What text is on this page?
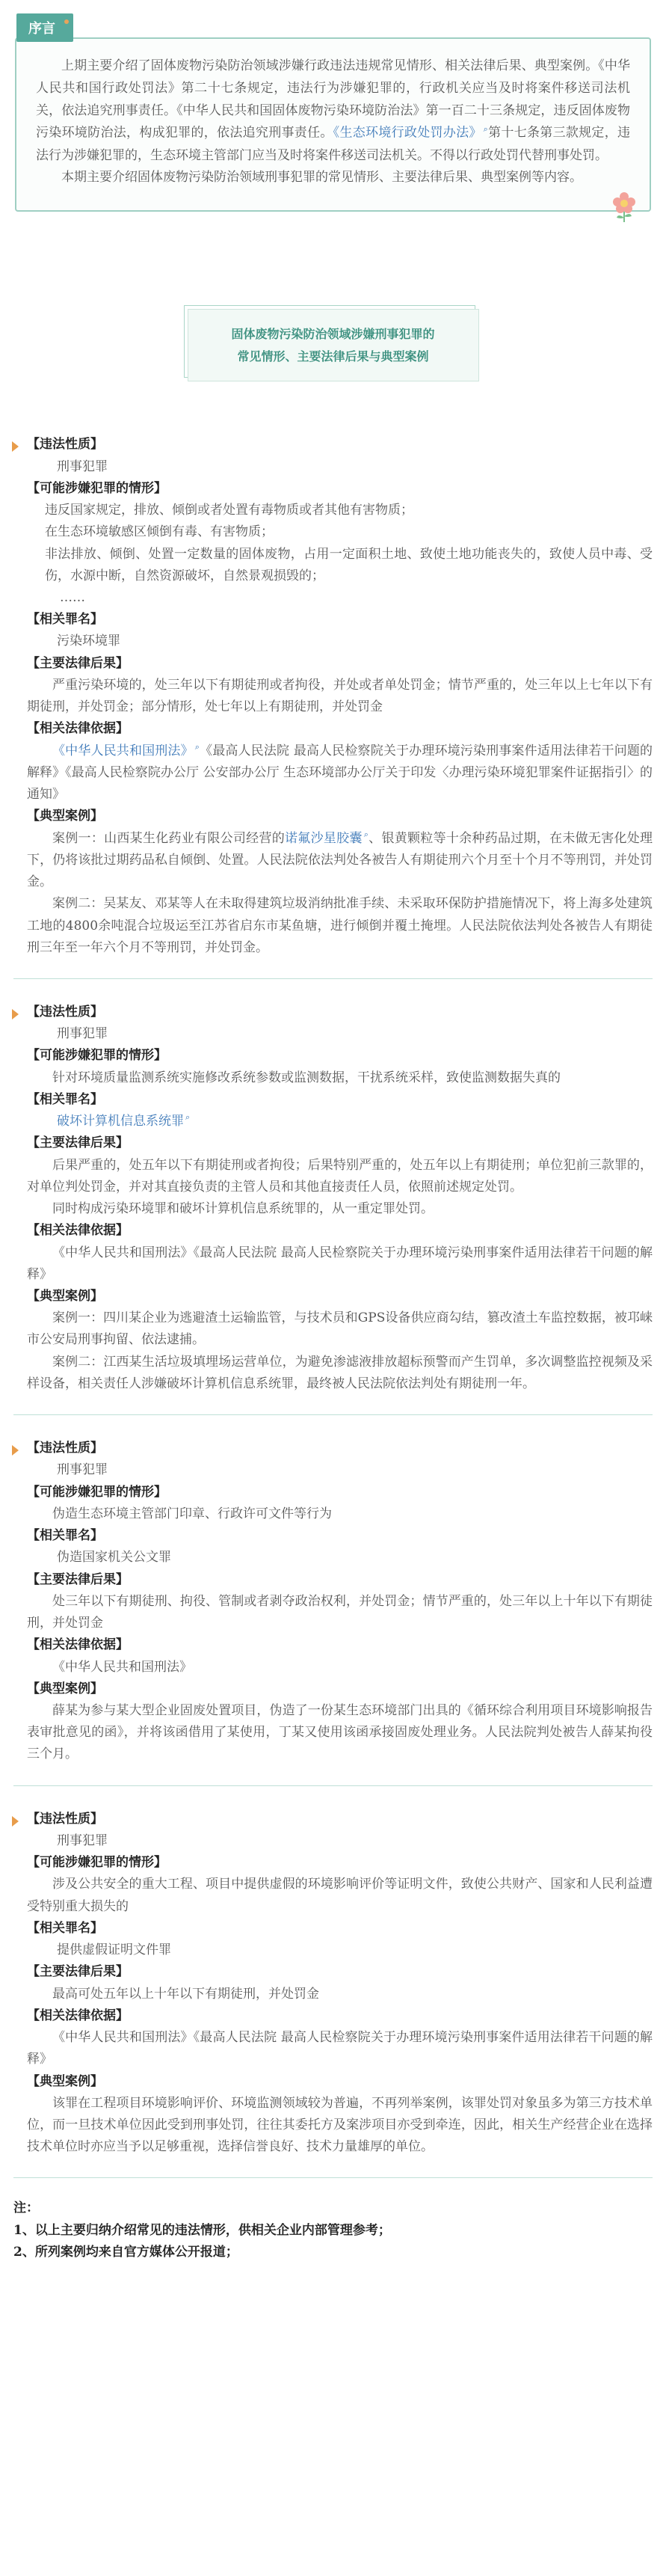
序言

上期主要介绍了固体废物污染防治领域涉嫌行政违法违规常见情形、相关法律后果、典型案例。《中华人民共和国行政处罚法》第二十七条规定，违法行为涉嫌犯罪的，行政机关应当及时将案件移送司法机关，依法追究刑事责任。《中华人民共和国固体废物污染环境防治法》第一百二十三条规定，违反固体废物污染环境防治法，构成犯罪的，依法追究刑事责任。《生态环境行政处罚办法》 ⌕第十七条第三款规定，违法行为涉嫌犯罪的，生态环境主管部门应当及时将案件移送司法机关。不得以行政处罚代替刑事处罚。

本期主要介绍固体废物污染防治领域刑事犯罪的常见情形、主要法律后果、典型案例等内容。

固体废物污染防治领域涉嫌刑事犯罪的
常见情形、主要法律后果与典型案例
【违法性质】
刑事犯罪
【可能涉嫌犯罪的情形】
违反国家规定，排放、倾倒或者处置有毒物质或者其他有害物质；
在生态环境敏感区倾倒有毒、有害物质；
非法排放、倾倒、处置一定数量的固体废物，占用一定面积土地、致使土地功能丧失的，致使人员中毒、受伤，水源中断，自然资源破坏，自然景观损毁的；
……
【相关罪名】
污染环境罪
【主要法律后果】
严重污染环境的，处三年以下有期徒刑或者拘役，并处或者单处罚金；情节严重的，处三年以上七年以下有期徒刑，并处罚金；部分情形，处七年以上有期徒刑，并处罚金
【相关法律依据】
《中华人民共和国刑法》 ⌕《最高人民法院 最高人民检察院关于办理环境污染刑事案件适用法律若干问题的解释》《最高人民检察院办公厅 公安部办公厅 生态环境部办公厅关于印发〈办理污染环境犯罪案件证据指引〉的通知》
【典型案例】
案例一：山西某生化药业有限公司经营的诺氟沙星胶囊 ⌕、银黄颗粒等十余种药品过期，在未做无害化处理下，仍将该批过期药品私自倾倒、处置。人民法院依法判处各被告人有期徒刑六个月至十个月不等刑罚，并处罚金。
案例二：吴某友、邓某等人在未取得建筑垃圾消纳批准手续、未采取环保防护措施情况下，将上海多处建筑工地的4800余吨混合垃圾运至江苏省启东市某鱼塘，进行倾倒并覆土掩埋。人民法院依法判处各被告人有期徒刑三年至一年六个月不等刑罚，并处罚金。
【违法性质】
刑事犯罪
【可能涉嫌犯罪的情形】
针对环境质量监测系统实施修改系统参数或监测数据，干扰系统采样，致使监测数据失真的
【相关罪名】
破坏计算机信息系统罪 ⌕
【主要法律后果】
后果严重的，处五年以下有期徒刑或者拘役；后果特别严重的，处五年以上有期徒刑；单位犯前三款罪的，对单位判处罚金，并对其直接负责的主管人员和其他直接责任人员，依照前述规定处罚。
同时构成污染环境罪和破坏计算机信息系统罪的，从一重定罪处罚。
【相关法律依据】
《中华人民共和国刑法》《最高人民法院 最高人民检察院关于办理环境污染刑事案件适用法律若干问题的解释》
【典型案例】
案例一：四川某企业为逃避渣土运输监管，与技术员和GPS设备供应商勾结，篡改渣土车监控数据，被邛崃市公安局刑事拘留、依法逮捕。
案例二：江西某生活垃圾填埋场运营单位，为避免渗滤液排放超标预警而产生罚单，多次调整监控视频及采样设备，相关责任人涉嫌破坏计算机信息系统罪，最终被人民法院依法判处有期徒刑一年。
【违法性质】
刑事犯罪
【可能涉嫌犯罪的情形】
伪造生态环境主管部门印章、行政许可文件等行为
【相关罪名】
伪造国家机关公文罪
【主要法律后果】
处三年以下有期徒刑、拘役、管制或者剥夺政治权利，并处罚金；情节严重的，处三年以上十年以下有期徒刑，并处罚金
【相关法律依据】
《中华人民共和国刑法》
【典型案例】
薛某为参与某大型企业固废处置项目，伪造了一份某生态环境部门出具的《循环综合利用项目环境影响报告表审批意见的函》，并将该函借用了某使用，丁某又使用该函承接固废处理业务。人民法院判处被告人薛某拘役三个月。
【违法性质】
刑事犯罪
【可能涉嫌犯罪的情形】
涉及公共安全的重大工程、项目中提供虚假的环境影响评价等证明文件，致使公共财产、国家和人民利益遭受特别重大损失的
【相关罪名】
提供虚假证明文件罪
【主要法律后果】
最高可处五年以上十年以下有期徒刑，并处罚金
【相关法律依据】
《中华人民共和国刑法》《最高人民法院 最高人民检察院关于办理环境污染刑事案件适用法律若干问题的解释》
【典型案例】
该罪在工程项目环境影响评价、环境监测领域较为普遍，不再列举案例，该罪处罚对象虽多为第三方技术单位，而一旦技术单位因此受到刑事处罚，往往其委托方及案涉项目亦受到牵连，因此，相关生产经营企业在选择技术单位时亦应当予以足够重视，选择信誉良好、技术力量雄厚的单位。
注：
1、以上主要归纳介绍常见的违法情形，供相关企业内部管理参考；
2、所列案例均来自官方媒体公开报道；
